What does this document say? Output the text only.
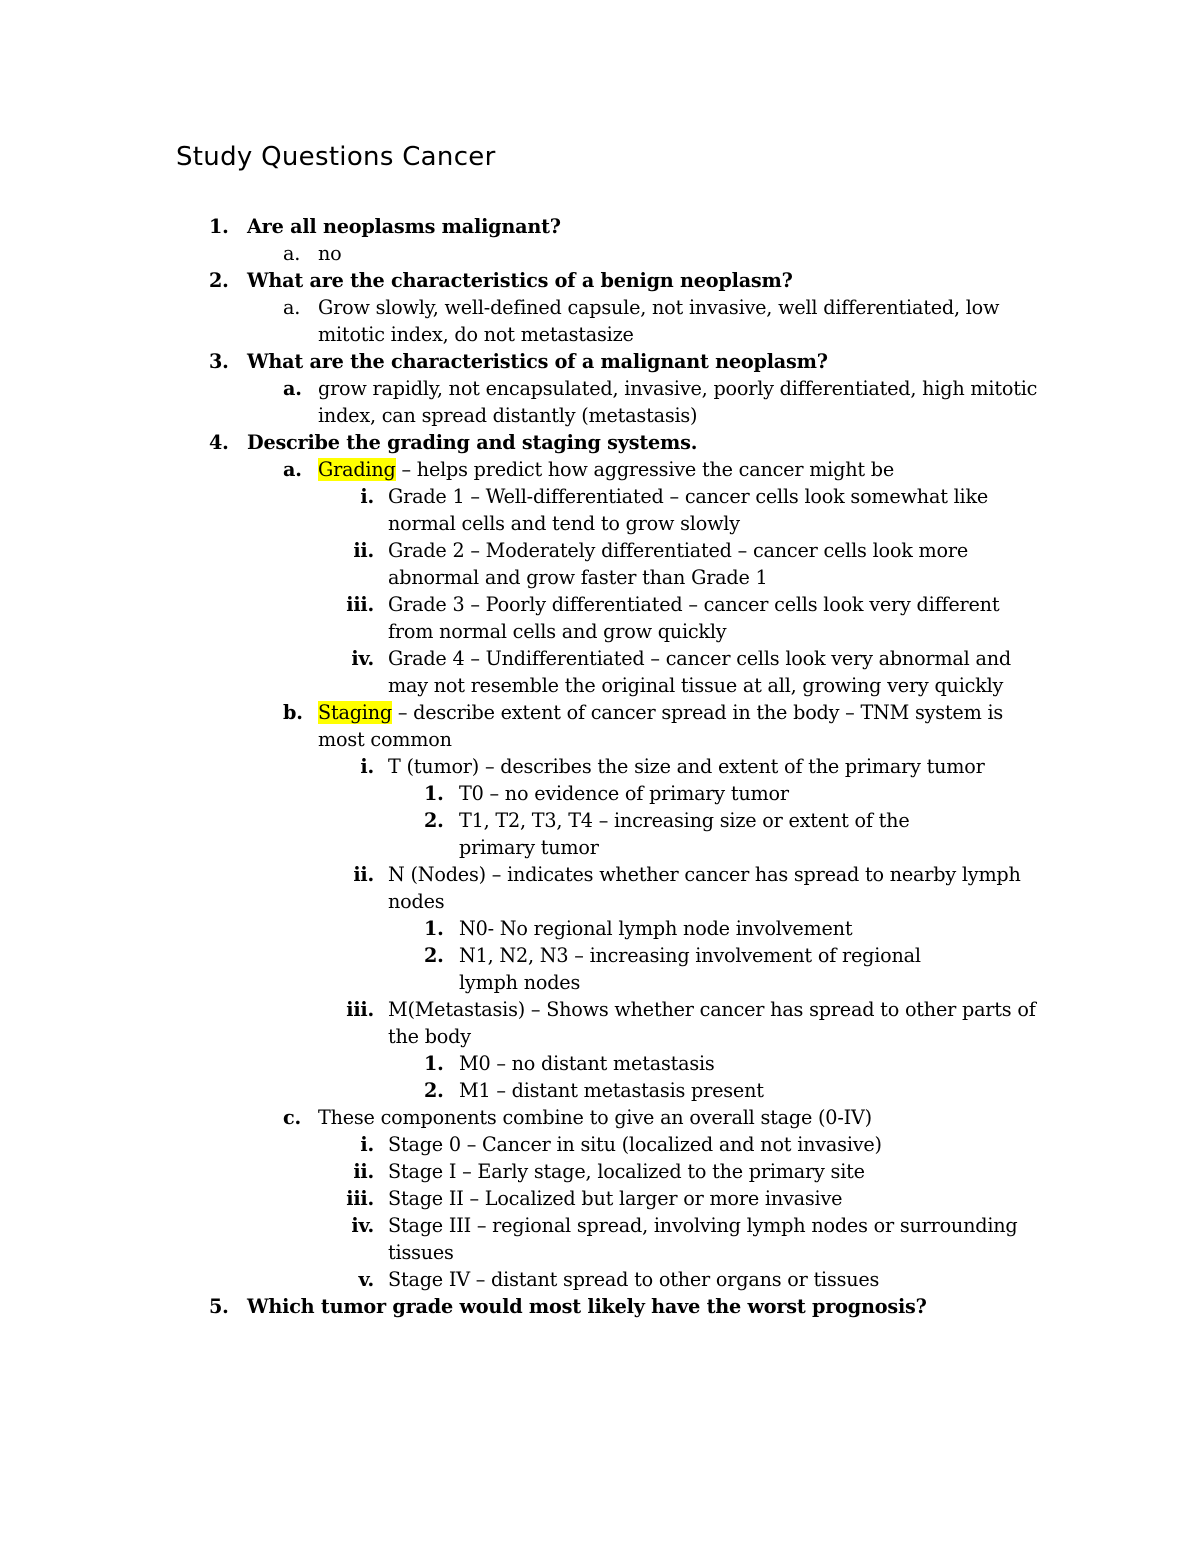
Study Questions Cancer
1. Are all neoplasms malignant?
a. no
2. What are the characteristics of a benign neoplasm?
a. Grow slowly, well-defined capsule, not invasive, well differentiated, low mitotic index, do not metastasize
3. What are the characteristics of a malignant neoplasm?
a. grow rapidly, not encapsulated, invasive, poorly differentiated, high mitotic index, can spread distantly (metastasis)
4. Describe the grading and staging systems.
a. Grading – helps predict how aggressive the cancer might be
i. Grade 1 – Well-differentiated – cancer cells look somewhat like normal cells and tend to grow slowly
ii. Grade 2 – Moderately differentiated – cancer cells look more abnormal and grow faster than Grade 1
iii. Grade 3 – Poorly differentiated – cancer cells look very different from normal cells and grow quickly
iv. Grade 4 – Undifferentiated – cancer cells look very abnormal and may not resemble the original tissue at all, growing very quickly
b. Staging – describe extent of cancer spread in the body – TNM system is most common
i. T (tumor) – describes the size and extent of the primary tumor
1. T0 – no evidence of primary tumor
2. T1, T2, T3, T4 – increasing size or extent of the primary tumor
ii. N (Nodes) – indicates whether cancer has spread to nearby lymph nodes
1. N0- No regional lymph node involvement
2. N1, N2, N3 – increasing involvement of regional lymph nodes
iii. M(Metastasis) – Shows whether cancer has spread to other parts of the body
1. M0 – no distant metastasis
2. M1 – distant metastasis present
c. These components combine to give an overall stage (0-IV)
i. Stage 0 – Cancer in situ (localized and not invasive)
ii. Stage I – Early stage, localized to the primary site
iii. Stage II – Localized but larger or more invasive
iv. Stage III – regional spread, involving lymph nodes or surrounding tissues
v. Stage IV – distant spread to other organs or tissues
5. Which tumor grade would most likely have the worst prognosis?
